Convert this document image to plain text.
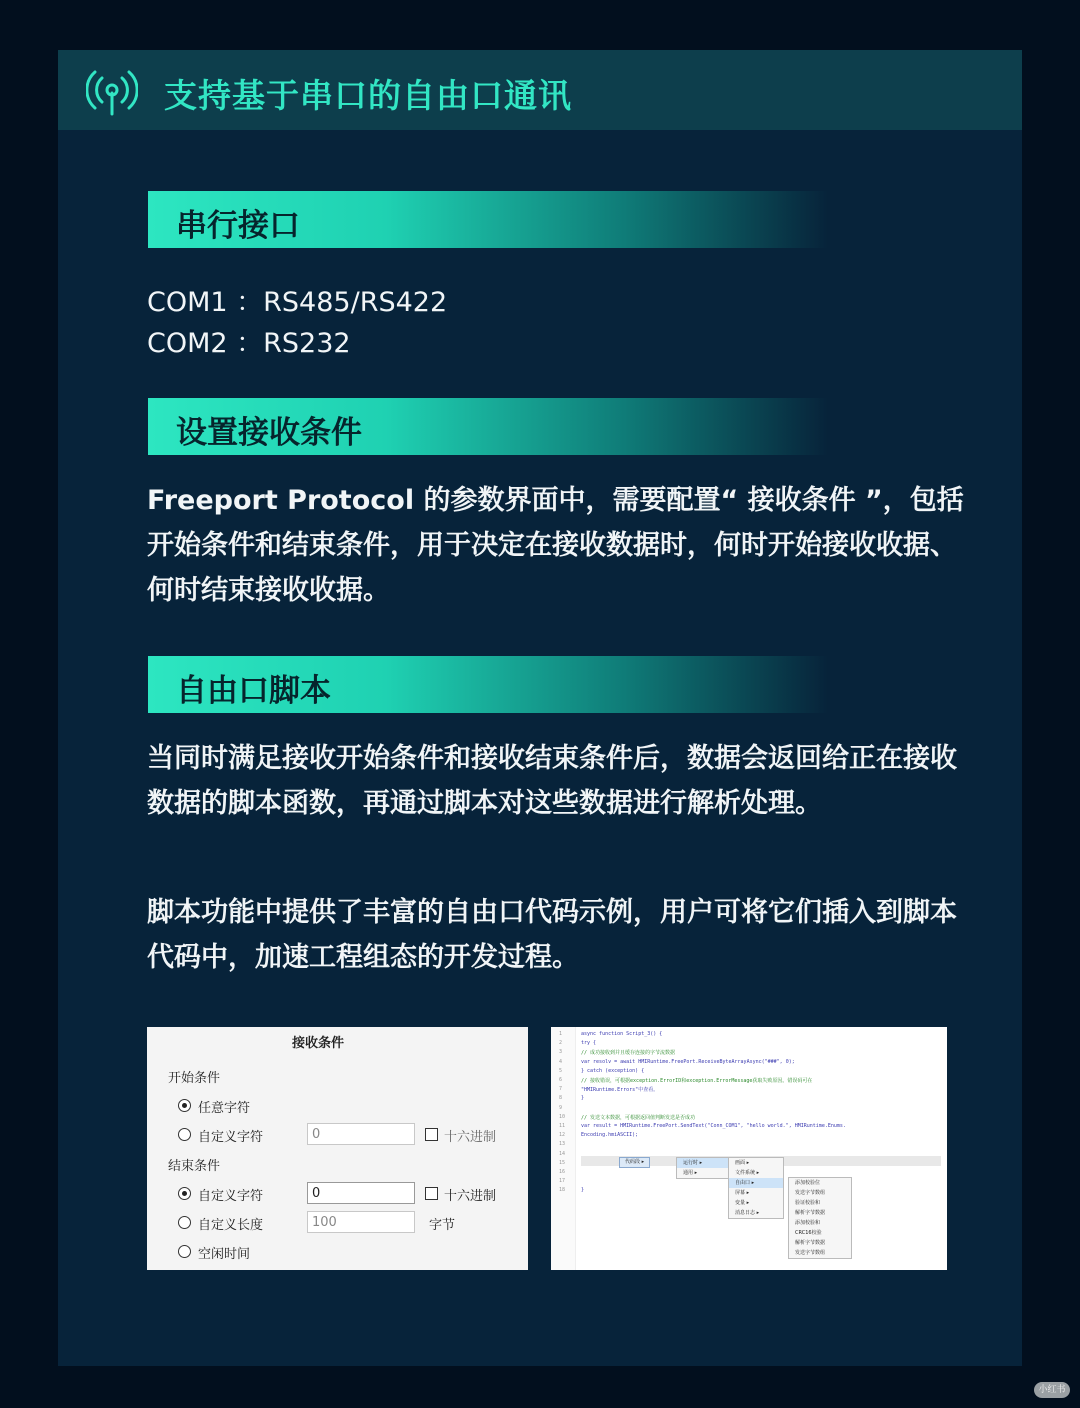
支持基于串口的自由口通讯
串行接口
COM1 ：RS485/RS422
COM2 ：RS232
设置接收条件
Freeport Protocol 的参数界面中，需要配置“ 接收条件 ”，包括开始条件和结束条件，用于决定在接收数据时，何时开始接收收据、何时结束接收收据。
自由口脚本
当同时满足接收开始条件和接收结束条件后，数据会返回给正在接收数据的脚本函数，再通过脚本对这些数据进行解析处理。
脚本功能中提供了丰富的自由口代码示例，用户可将它们插入到脚本代码中，加速工程组态的开发过程。
接收条件
开始条件
任意字符
自定义字符	0	十六进制
结束条件
自定义字符	0	十六进制
自定义长度	100	字节
空闲时间
1
2
3
4
5
6
7
8
9
10
11
12
13
14
15
16
17
18
async function Script_3() {
try {
// 成功接收到并且缓存连接的字节流数据
var resolv = await HMIRuntime.FreePort.ReceiveByteArrayAsync("###", 0);
} catch (exception) {
// 接收错误，可根据exception.ErrorID和exception.ErrorMessage获取失败原因。错误码可在
"HMIRuntime.Errors"中查看。
}
// 发送文本数据，可根据返回值判断发送是否成功
var result = HMIRuntime.FreePort.SendText("Conn_COM1", "hello world.", HMIRuntime.Enums.
Encoding.hmiASCII);
}
代码段 ▸	运行时 ▸
通用 ▸
画面 ▸
文件系统 ▸
自由口 ▸
屏幕 ▸
变量 ▸
消息日志 ▸
添加校验位
发送字节数组
验证校验和
解析字节数据
添加校验和
CRC16校验
解析字节数据
发送字节数组
小红书
